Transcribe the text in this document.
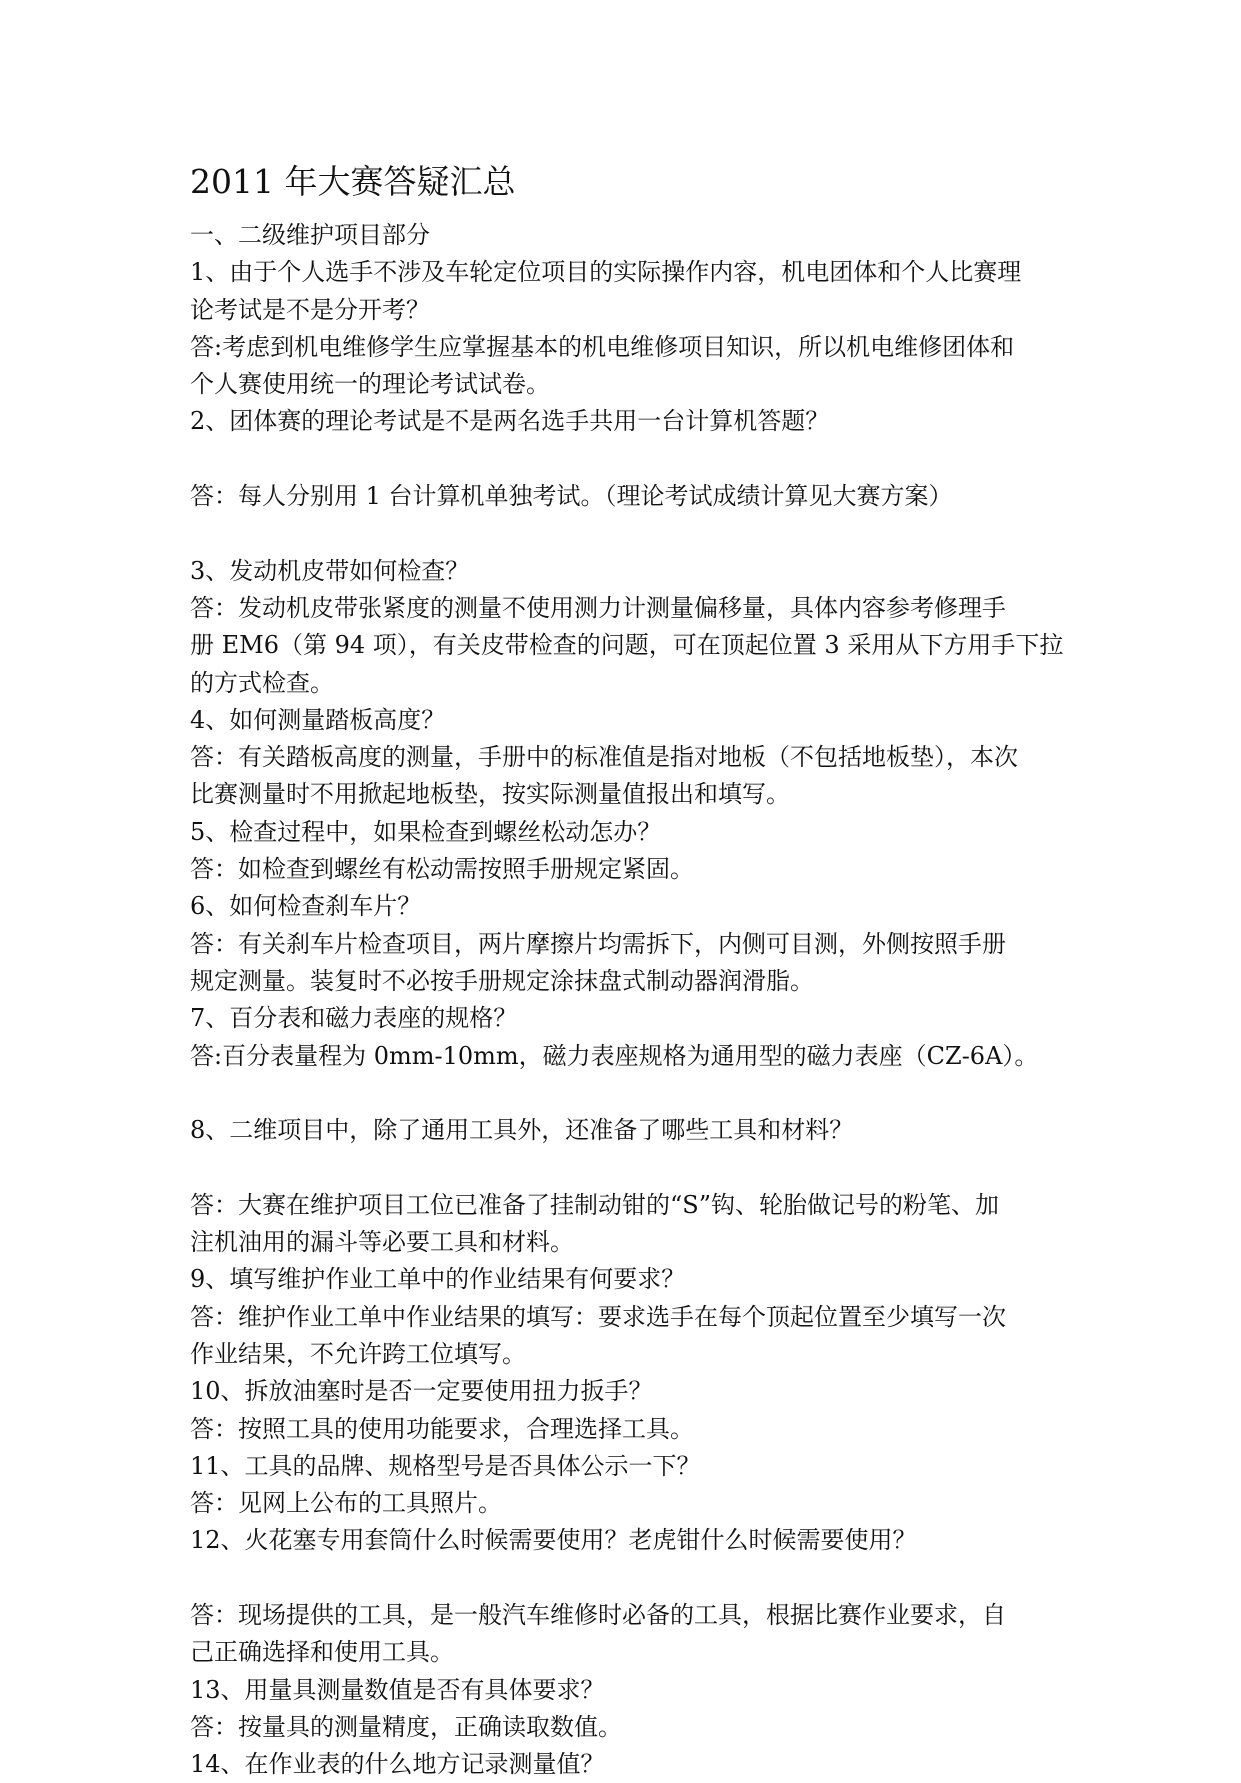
2011 年大赛答疑汇总
一、二级维护项目部分
1、由于个人选手不涉及车轮定位项目的实际操作内容，机电团体和个人比赛理
论考试是不是分开考？
答:考虑到机电维修学生应掌握基本的机电维修项目知识，所以机电维修团体和
个人赛使用统一的理论考试试卷。
2、团体赛的理论考试是不是两名选手共用一台计算机答题？
答：每人分别用 1 台计算机单独考试。（理论考试成绩计算见大赛方案）
3、发动机皮带如何检查？
答：发动机皮带张紧度的测量不使用测力计测量偏移量，具体内容参考修理手
册 EM6（第 94 项），有关皮带检查的问题，可在顶起位置 3 采用从下方用手下拉
的方式检查。
4、如何测量踏板高度？
答：有关踏板高度的测量，手册中的标准值是指对地板（不包括地板垫），本次
比赛测量时不用掀起地板垫，按实际测量值报出和填写。
5、检查过程中，如果检查到螺丝松动怎办？
答：如检查到螺丝有松动需按照手册规定紧固。
6、如何检查刹车片？
答：有关刹车片检查项目，两片摩擦片均需拆下，内侧可目测，外侧按照手册
规定测量。装复时不必按手册规定涂抹盘式制动器润滑脂。
7、百分表和磁力表座的规格？
答:百分表量程为 0mm-10mm，磁力表座规格为通用型的磁力表座（CZ-6A）。
8、二维项目中，除了通用工具外，还准备了哪些工具和材料？
答：大赛在维护项目工位已准备了挂制动钳的“S”钩、轮胎做记号的粉笔、加
注机油用的漏斗等必要工具和材料。
9、填写维护作业工单中的作业结果有何要求？
答：维护作业工单中作业结果的填写：要求选手在每个顶起位置至少填写一次
作业结果，不允许跨工位填写。
10、拆放油塞时是否一定要使用扭力扳手？
答：按照工具的使用功能要求，合理选择工具。
11、工具的品牌、规格型号是否具体公示一下？
答：见网上公布的工具照片。
12、火花塞专用套筒什么时候需要使用？老虎钳什么时候需要使用？
答：现场提供的工具，是一般汽车维修时必备的工具，根据比赛作业要求，自
己正确选择和使用工具。
13、用量具测量数值是否有具体要求？
答：按量具的测量精度，正确读取数值。
14、在作业表的什么地方记录测量值？
